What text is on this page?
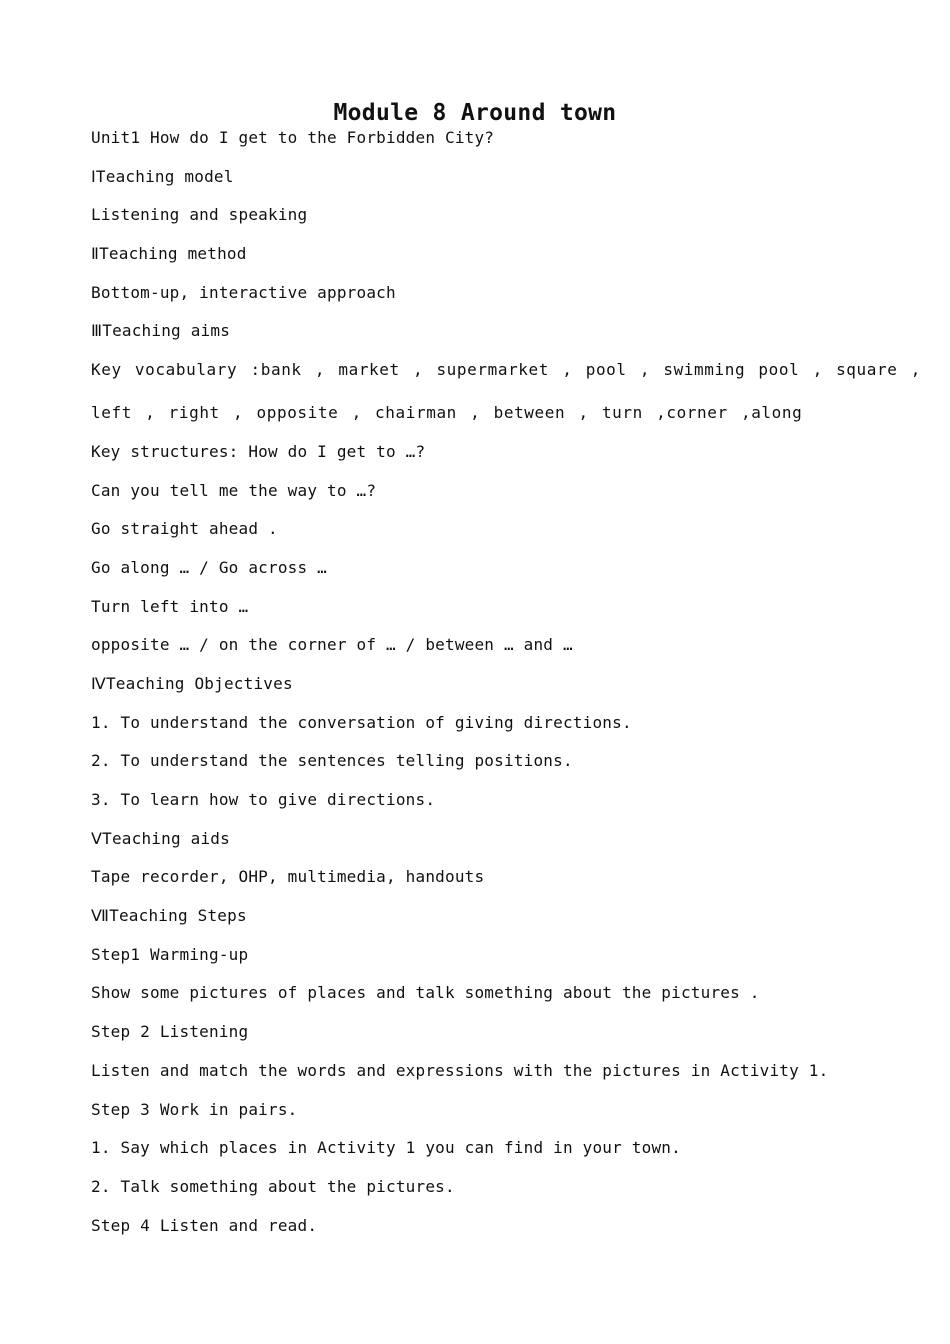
Module 8 Around town
Unit1 How do I get to the Forbidden City?
ⅠTeaching model
Listening and speaking
ⅡTeaching method
Bottom-up, interactive approach
ⅢTeaching aims
Key vocabulary :bank , market , supermarket , pool , swimming pool , square ,
left , right , opposite , chairman , between , turn ,corner ,along
Key structures: How do I get to …?
Can you tell me the way to …?
Go straight ahead .
Go along … / Go across …
Turn left into …
opposite … / on the corner of … / between … and …
ⅣTeaching Objectives
1. To understand the conversation of giving directions.
2. To understand the sentences telling positions.
3. To learn how to give directions.
ⅤTeaching aids
Tape recorder, OHP, multimedia, handouts
ⅦTeaching Steps
Step1 Warming-up
Show some pictures of places and talk something about the pictures .
Step 2 Listening
Listen and match the words and expressions with the pictures in Activity 1.
Step 3 Work in pairs.
1. Say which places in Activity 1 you can find in your town.
2. Talk something about the pictures.
Step 4 Listen and read.
